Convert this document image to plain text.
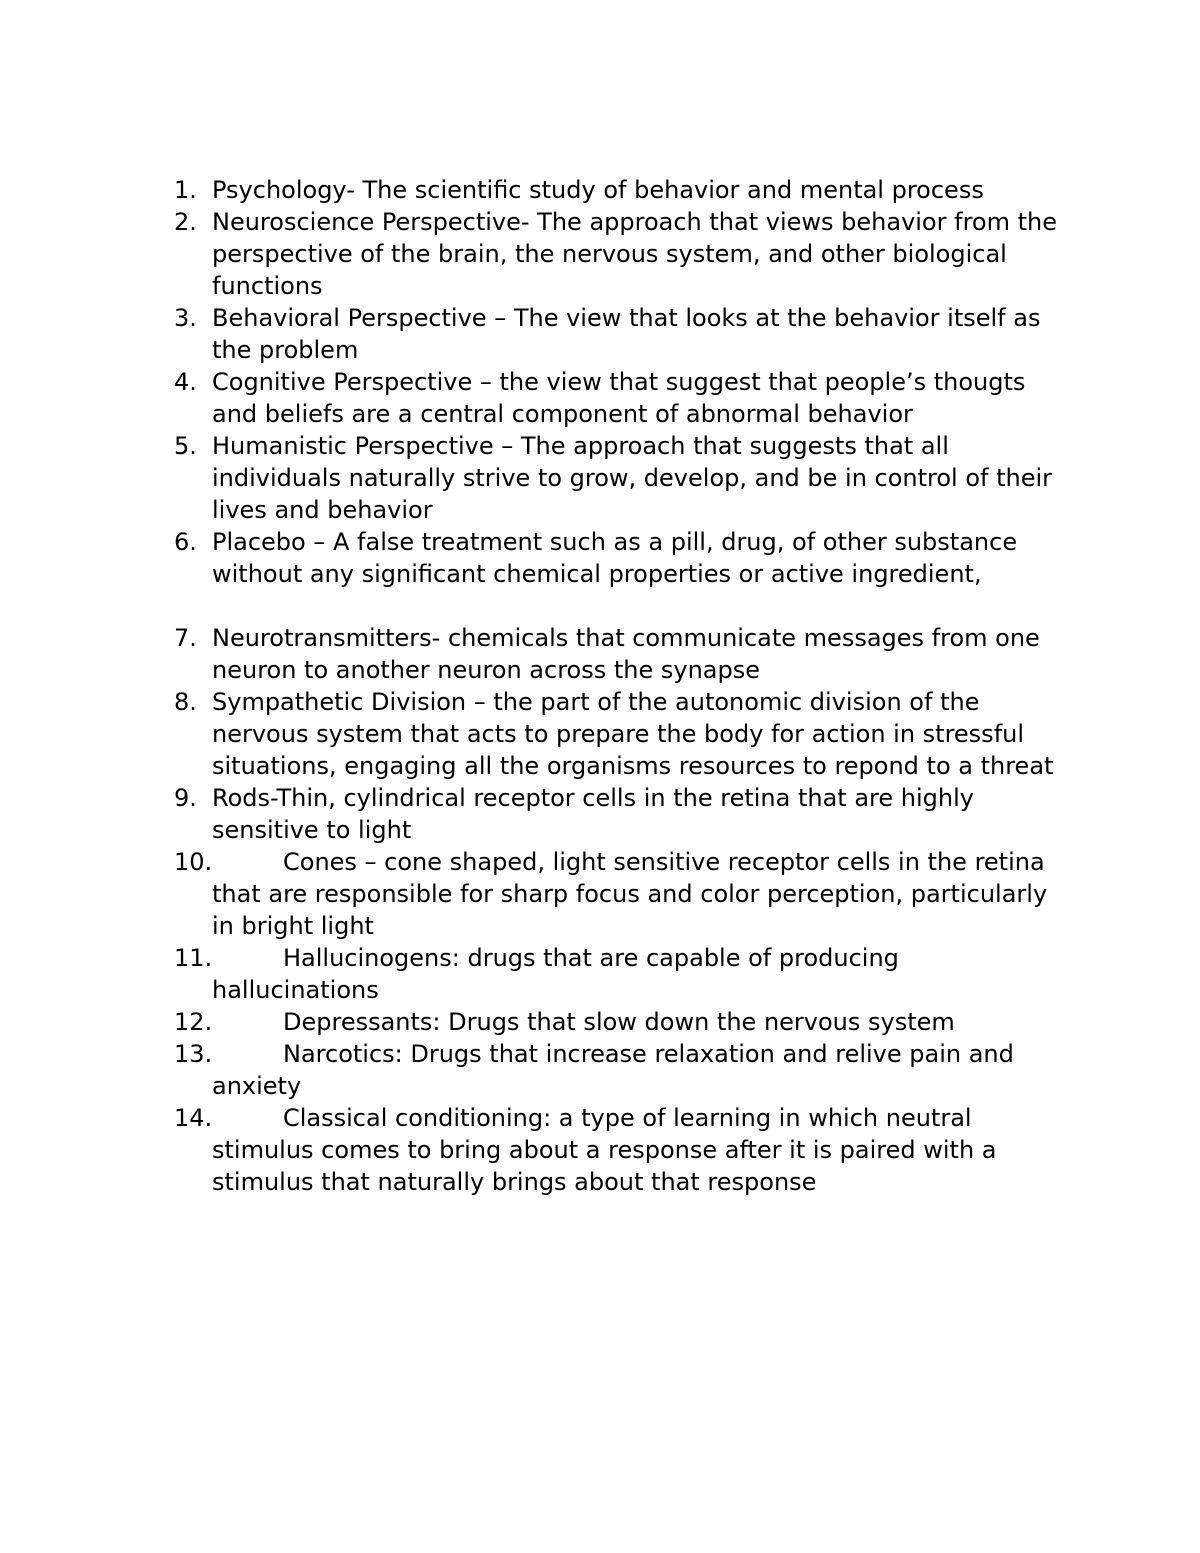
1. Psychology- The scientific study of behavior and mental process
2. Neuroscience Perspective- The approach that views behavior from the perspective of the brain, the nervous system, and other biological functions
3. Behavioral Perspective – The view that looks at the behavior itself as the problem
4. Cognitive Perspective – the view that suggest that people’s thougts and beliefs are a central component of abnormal behavior
5. Humanistic Perspective – The approach that suggests that all individuals naturally strive to grow, develop, and be in control of their lives and behavior
6. Placebo – A false treatment such as a pill, drug, of other substance without any significant chemical properties or active ingredient,
7. Neurotransmitters- chemicals that communicate messages from one neuron to another neuron across the synapse
8. Sympathetic Division – the part of the autonomic division of the nervous system that acts to prepare the body for action in stressful situations, engaging all the organisms resources to repond to a threat
9. Rods-Thin, cylindrical receptor cells in the retina that are highly sensitive to light
10.	Cones – cone shaped, light sensitive receptor cells in the retina that are responsible for sharp focus and color perception, particularly in bright light
11.	Hallucinogens: drugs that are capable of producing hallucinations
12.	Depressants: Drugs that slow down the nervous system
13.	Narcotics: Drugs that increase relaxation and relive pain and anxiety
14.	Classical conditioning: a type of learning in which neutral stimulus comes to bring about a response after it is paired with a stimulus that naturally brings about that response
